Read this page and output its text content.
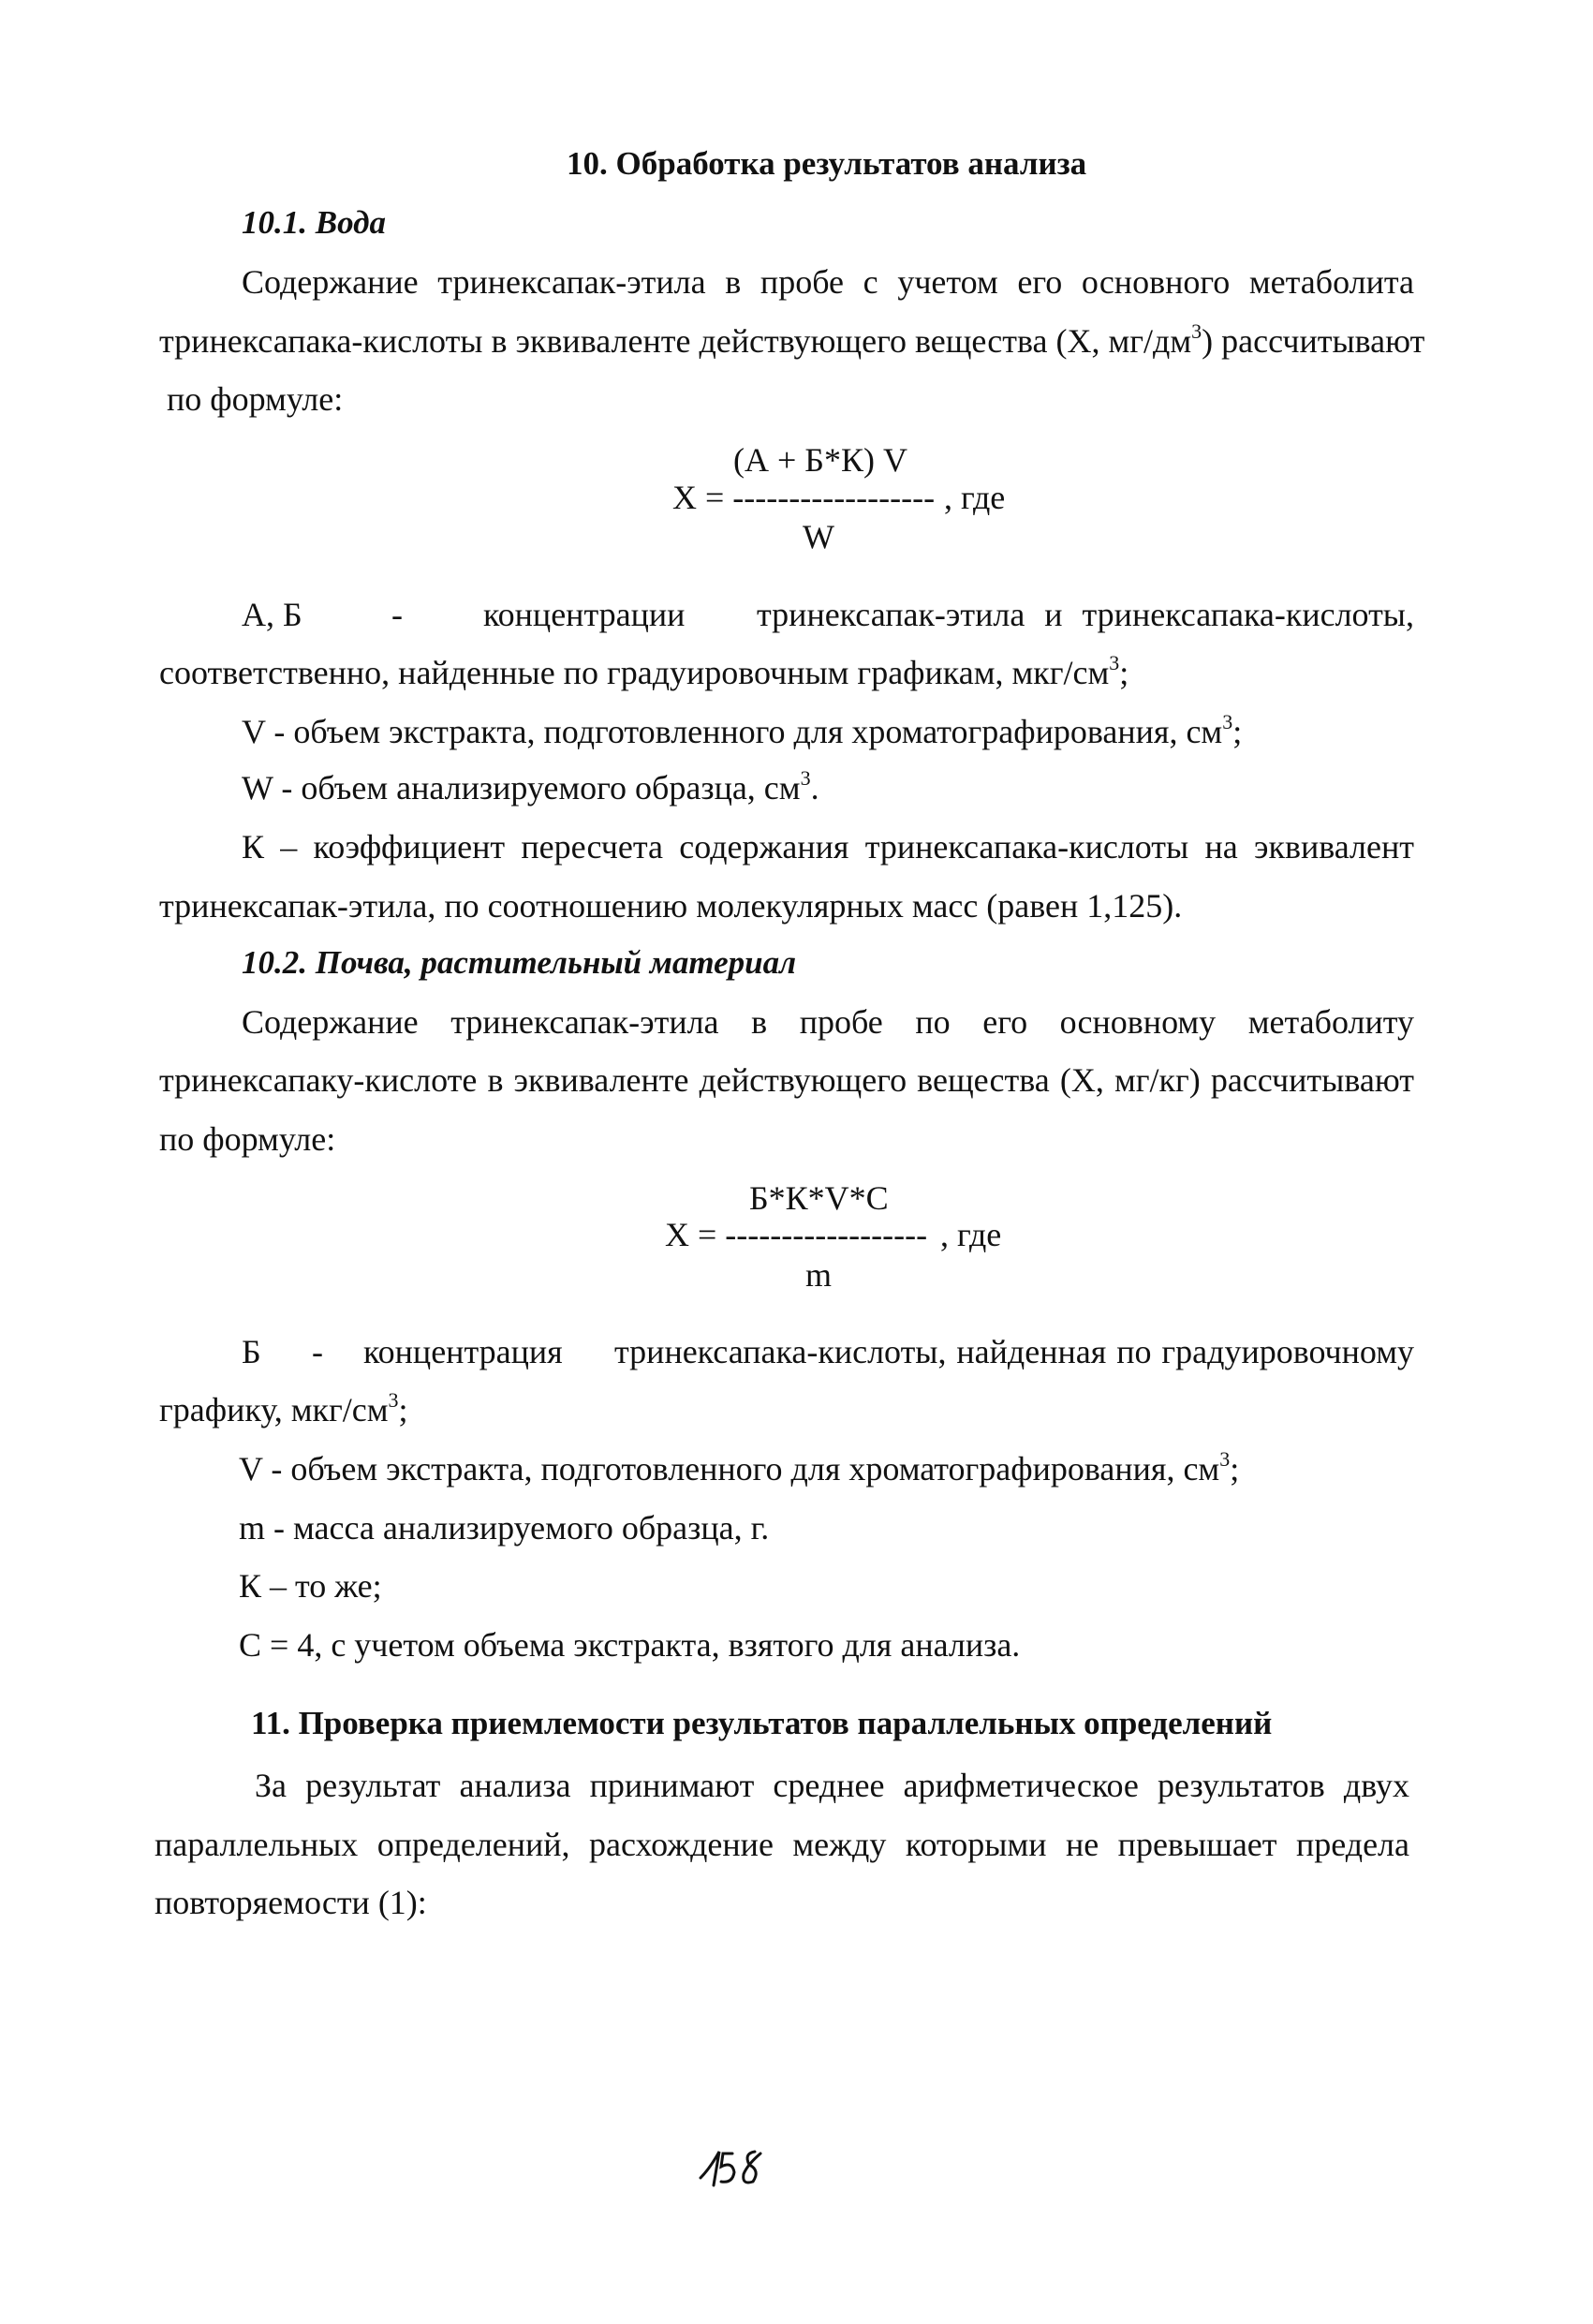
10. Обработка результатов анализа
10.1. Вода
Содержание тринексапак-этила в пробе с учетом его основного метаболита
тринексапака-кислоты в эквиваленте действующего вещества (Х, $мг/дм^3$) рассчитывают
по формуле:
(А + Б*К) V
X = ------------------ , где
W
А, Б	- концентрации тринексапак-этила и тринексапака-кислоты,
соответственно, найденные по градуировочным графикам, мкг/$см^3$;
V - объем экстракта, подготовленного для хроматографирования, $см^3$;
W - объем анализируемого образца, $см^3$.
К – коэффициент пересчета содержания тринексапака-кислоты на эквивалент
тринексапак-этила, по соотношению молекулярных масс (равен 1,125).
10.2. Почва, растительный материал
Содержание тринексапак-этила в пробе по его основному метаболиту
тринексапаку-кислоте в эквиваленте действующего вещества (Х, мг/кг) рассчитывают
по формуле:
Б*К*V*С
X = ------------------ , где
m
Б - концентрация тринексапака-кислоты, найденная по градуировочному
графику, мкг/$см^3$;
V - объем экстракта, подготовленного для хроматографирования, $см^3$;
m - масса анализируемого образца, г.
К – то же;
С = 4, с учетом объема экстракта, взятого для анализа.
11. Проверка приемлемости результатов параллельных определений
За результат анализа принимают среднее арифметическое результатов двух
параллельных определений, расхождение между которыми не превышает предела
повторяемости (1):
